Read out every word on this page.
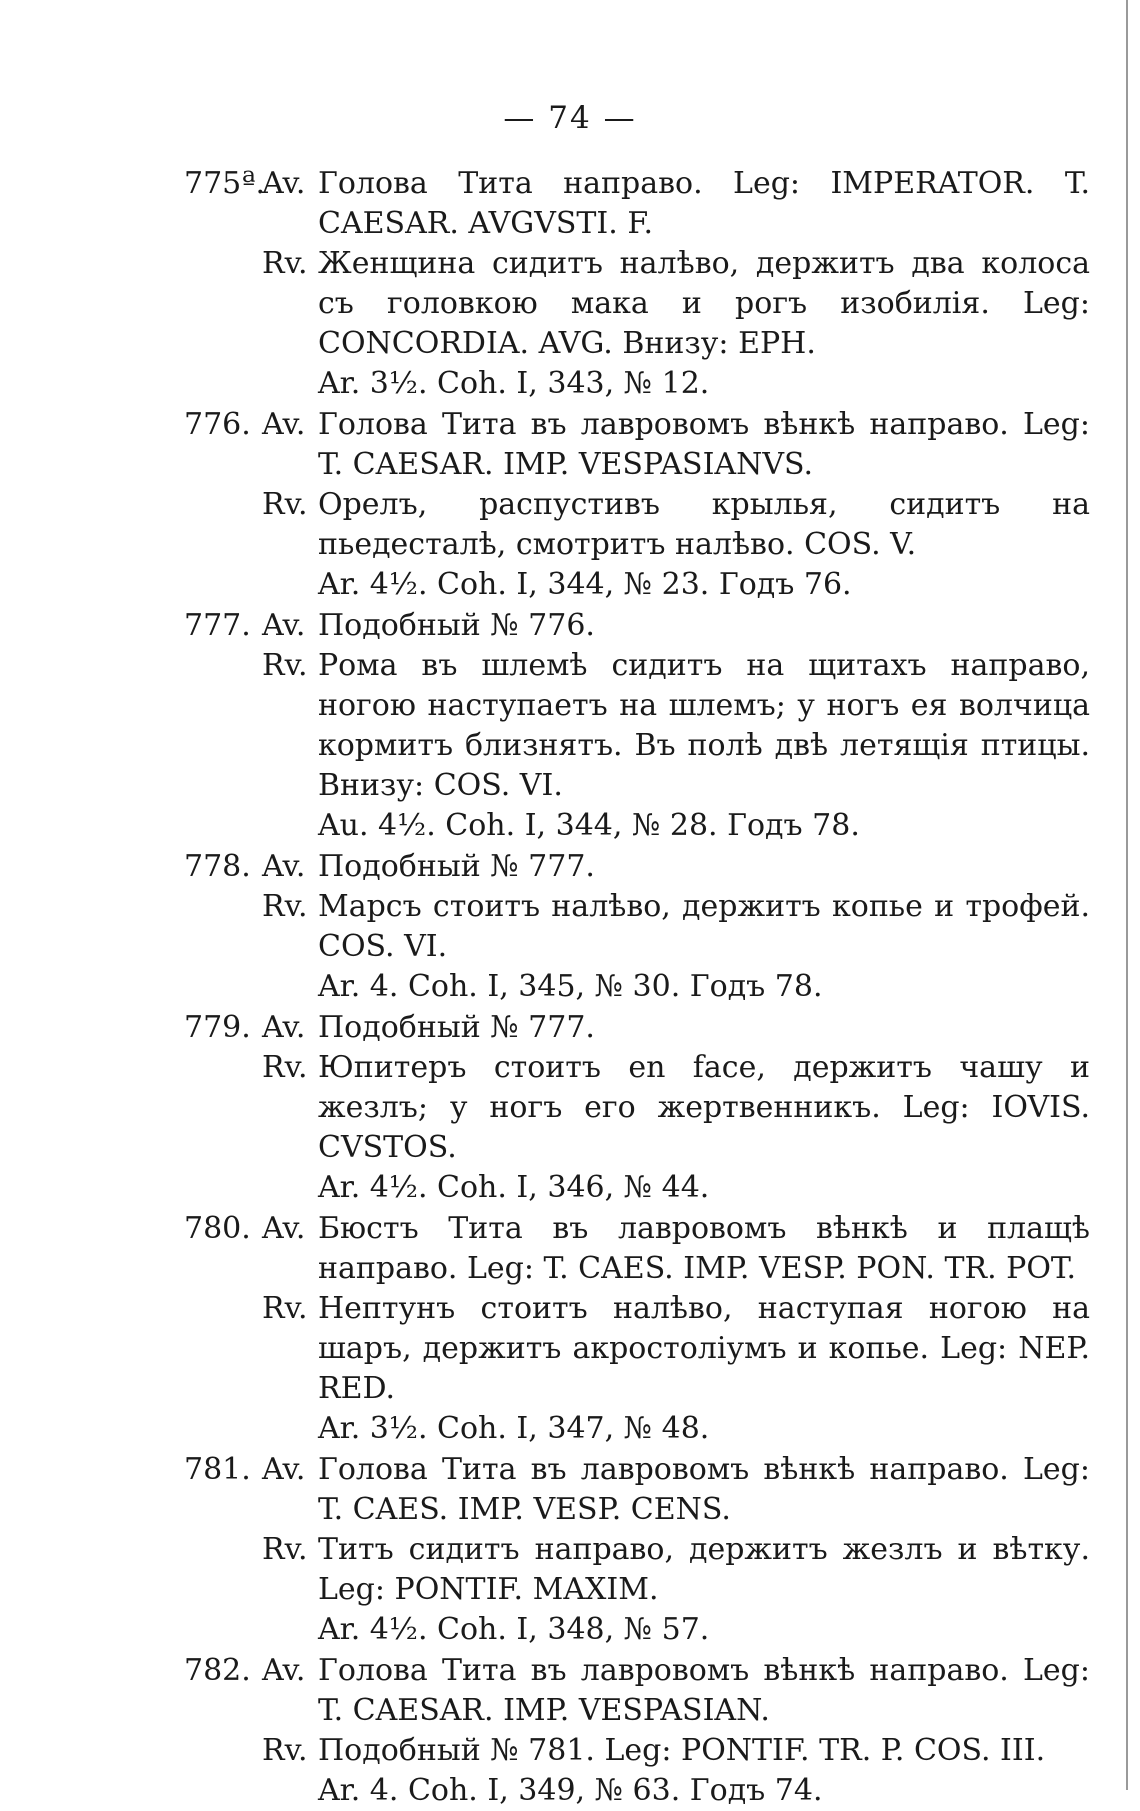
— 74 —
775ª.
Av. Голова Тита направо. Leg: IMPERATOR. T. CAESAR. AVGVSTI. F.
Rv. Женщина сидитъ налѣво, держитъ два колоса съ головкою мака и рогъ изобилія. Leg: CONCORDIA. AVG. Внизу: EPH.
Ar. 3½. Coh. I, 343, № 12.
776. Av. Голова Тита въ лавровомъ вѣнкѣ направо. Leg: T. CAESAR. IMP. VESPASIANVS.
Rv. Орелъ, распустивъ крылья, сидитъ на пьедесталѣ, смотритъ налѣво. COS. V.
Ar. 4½. Coh. I, 344, № 23. Годъ 76.
777. Av. Подобный № 776.
Rv. Рома въ шлемѣ сидитъ на щитахъ направо, ногою наступаетъ на шлемъ; у ногъ ея волчица кормитъ близнятъ. Въ полѣ двѣ летящія птицы. Внизу: COS. VI.
Au. 4½. Coh. I, 344, № 28. Годъ 78.
778. Av. Подобный № 777.
Rv. Марсъ стоитъ налѣво, держитъ копье и трофей. COS. VI.
Ar. 4. Coh. I, 345, № 30. Годъ 78.
779. Av. Подобный № 777.
Rv. Юпитеръ стоитъ en face, держитъ чашу и жезлъ; у ногъ его жертвенникъ. Leg: IOVIS. CVSTOS.
Ar. 4½. Coh. I, 346, № 44.
780. Av. Бюстъ Тита въ лавровомъ вѣнкѣ и плащѣ направо. Leg: T. CAES. IMP. VESP. PON. TR. POT.
Rv. Нептунъ стоитъ налѣво, наступая ногою на шаръ, держитъ акростоліумъ и копье. Leg: NEP. RED.
Ar. 3½. Coh. I, 347, № 48.
781. Av. Голова Тита въ лавровомъ вѣнкѣ направо. Leg: T. CAES. IMP. VESP. CENS.
Rv. Титъ сидитъ направо, держитъ жезлъ и вѣтку. Leg: PONTIF. MAXIM.
Ar. 4½. Coh. I, 348, № 57.
782. Av. Голова Тита въ лавровомъ вѣнкѣ направо. Leg: T. CAESAR. IMP. VESPASIAN.
Rv. Подобный № 781. Leg: PONTIF. TR. P. COS. III.
Ar. 4. Coh. I, 349, № 63. Годъ 74.
